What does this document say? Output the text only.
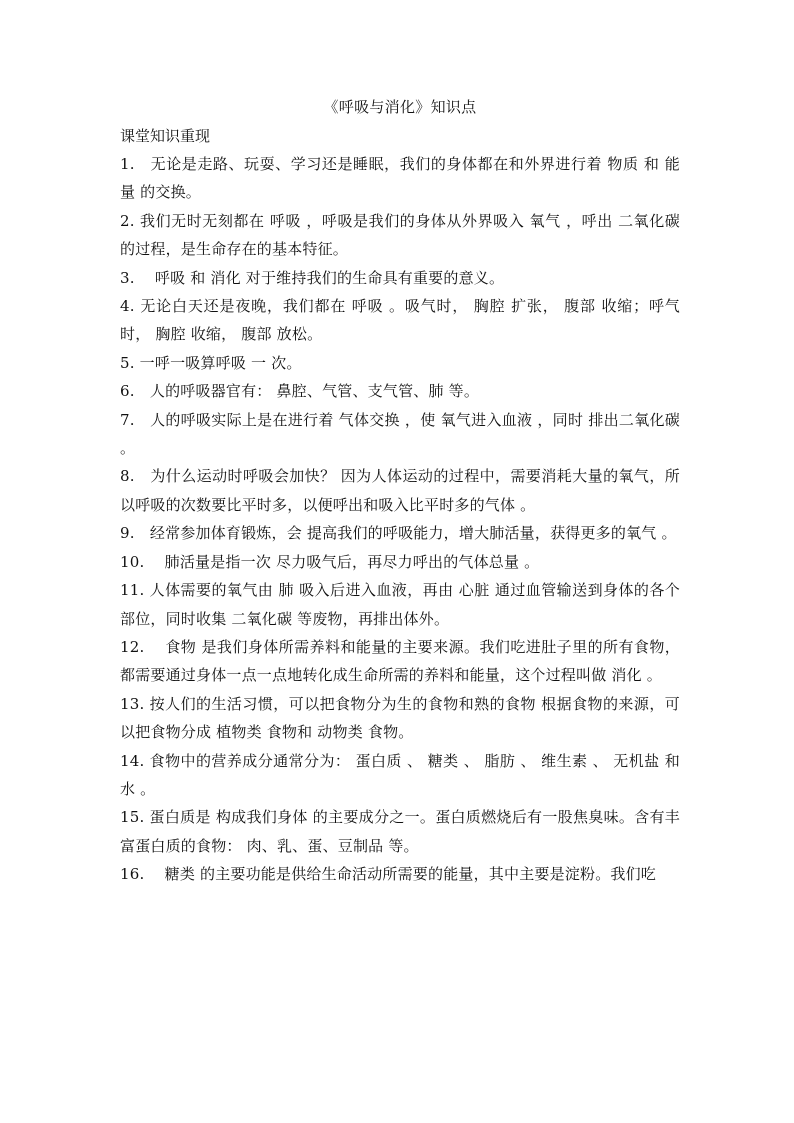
《呼吸与消化》知识点
课堂知识重现

1.　无论是走路、玩耍、学习还是睡眠，我们的身体都在和外界进行着 物质 和 能量 的交换。

2. 我们无时无刻都在 呼吸 ，呼吸是我们的身体从外界吸入 氧气 ，呼出 二氧化碳 的过程，是生命存在的基本特征。

3.　 呼吸 和 消化 对于维持我们的生命具有重要的意义。

4. 无论白天还是夜晚，我们都在 呼吸 。吸气时， 胸腔 扩张， 腹部 收缩；呼气时， 胸腔 收缩， 腹部 放松。

5. 一呼一吸算呼吸 一 次。

6.　人的呼吸器官有： 鼻腔、气管、支气管、肺 等。

7.　人的呼吸实际上是在进行着 气体交换 ，使 氧气进入血液 ，同时 排出二氧化碳 。

8.　为什么运动时呼吸会加快？ 因为人体运动的过程中，需要消耗大量的氧气，所以呼吸的次数要比平时多，以便呼出和吸入比平时多的气体 。

9.　经常参加体育锻炼，会 提高我们的呼吸能力，增大肺活量，获得更多的氧气 。

10.　 肺活量是指一次 尽力吸气后，再尽力呼出的气体总量 。

11. 人体需要的氧气由 肺 吸入后进入血液，再由 心脏 通过血管输送到身体的各个部位，同时收集 二氧化碳 等废物，再排出体外。

12.　 食物 是我们身体所需养料和能量的主要来源。我们吃进肚子里的所有食物，都需要通过身体一点一点地转化成生命所需的养料和能量，这个过程叫做 消化 。

13. 按人们的生活习惯，可以把食物分为生的食物和熟的食物 根据食物的来源，可以把食物分成 植物类 食物和 动物类 食物。

14. 食物中的营养成分通常分为： 蛋白质 、 糖类 、 脂肪 、 维生素 、 无机盐 和 水 。

15. 蛋白质是 构成我们身体 的主要成分之一。蛋白质燃烧后有一股焦臭味。含有丰富蛋白质的食物： 肉、乳、蛋、豆制品 等。

16.　 糖类 的主要功能是供给生命活动所需要的能量，其中主要是淀粉。我们吃
